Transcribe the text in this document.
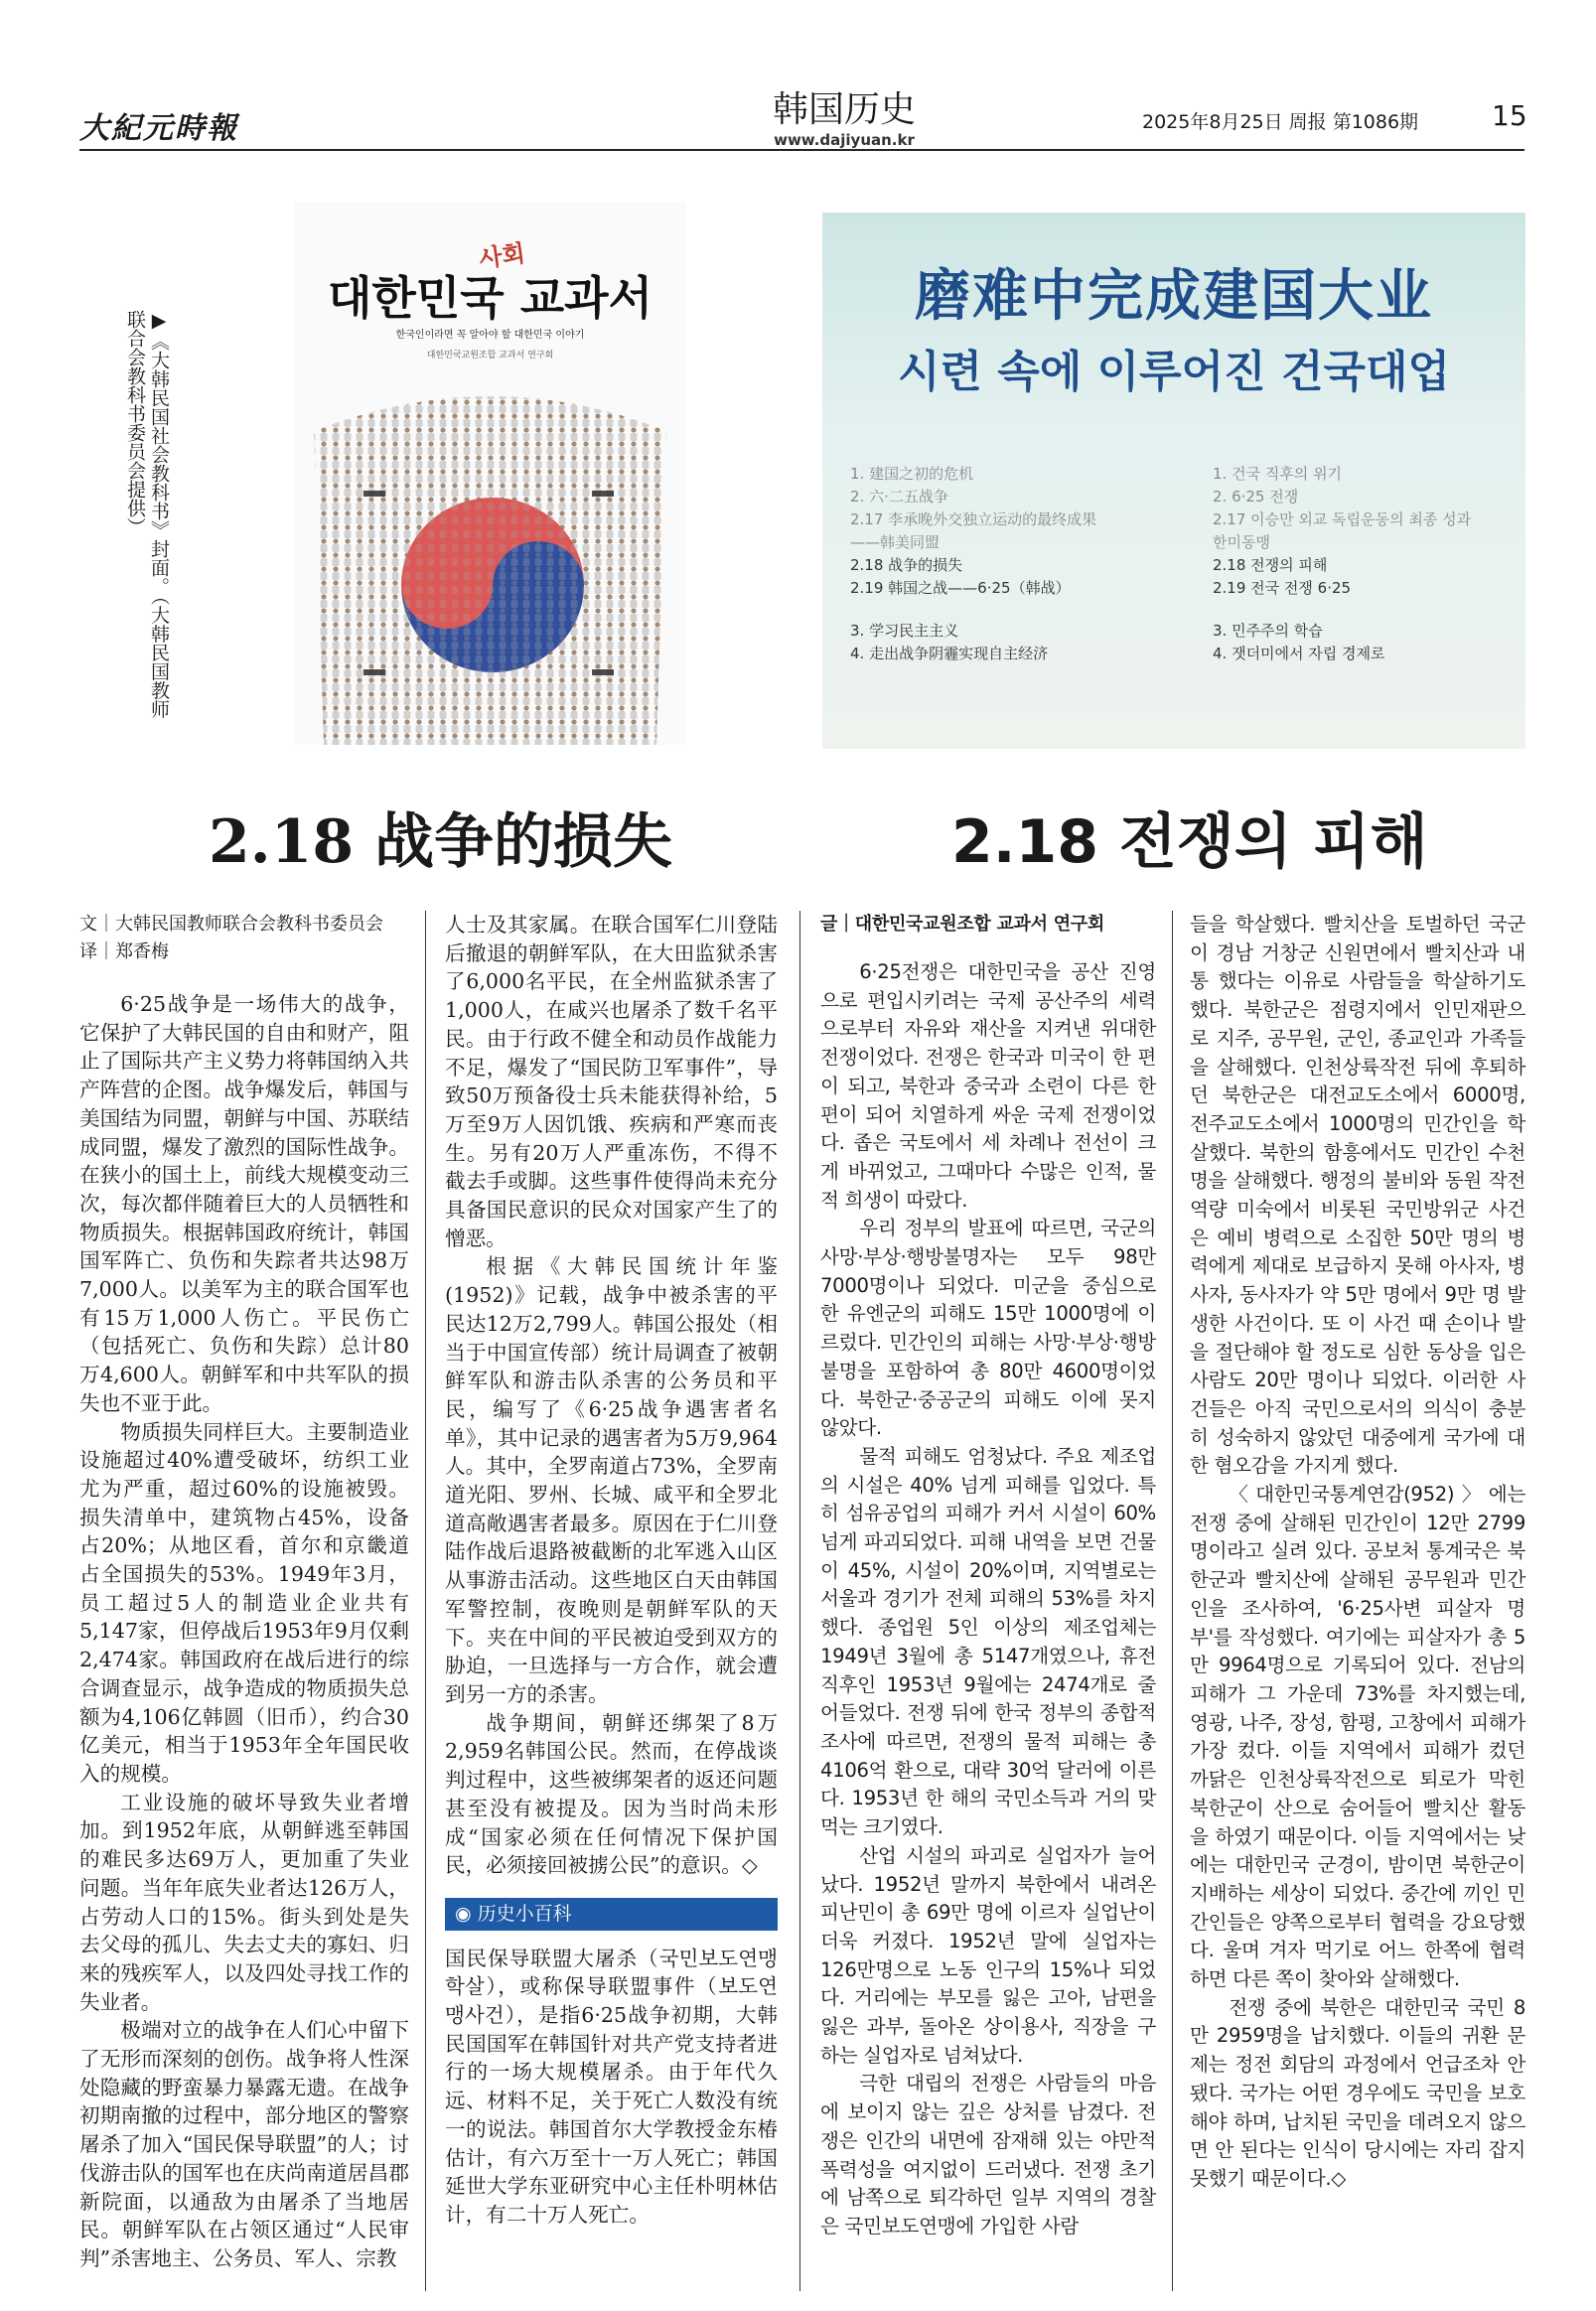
大紀元時報	韩国历史
www.dajiyuan.kr
2025年8月25日 周报 第1086期	15
사회
대한민국 교과서
한국인이라면 꼭 알아야 할 대한민국 이야기
대한민국교원조합 교과서 연구회
▶《大韩民国社会教科书》封面。（大韩民国教师联合会教科书委员会提供）
磨难中完成建国大业
시련 속에 이루어진 건국대업
1. 建国之初的危机
2. 六·二五战争
2.17 李承晚外交独立运动的最终成果
——韩美同盟
2.18 战争的损失
2.19 韩国之战——6·25（韩战）
3. 学习民主主义
4. 走出战争阴霾实现自主经济
1. 건국 직후의 위기
2. 6·25 전쟁
2.17 이승만 외교 독립운동의 최종 성과
한미동맹
2.18 전쟁의 피해
2.19 전국 전쟁 6·25
3. 민주주의 학습
4. 잿더미에서 자립 경제로
2.18 战争的损失	2.18 전쟁의 피해

文｜大韩民国教师联合会教科书委员会

译｜郑香梅

6·25战争是一场伟大的战争，它保护了大韩民国的自由和财产，阻止了国际共产主义势力将韩国纳入共产阵营的企图。战争爆发后，韩国与美国结为同盟，朝鲜与中国、苏联结成同盟，爆发了激烈的国际性战争。在狭小的国土上，前线大规模变动三次，每次都伴随着巨大的人员牺牲和物质损失。根据韩国政府统计，韩国国军阵亡、负伤和失踪者共达98万7,000人。以美军为主的联合国军也有15万1,000人伤亡。平民伤亡（包括死亡、负伤和失踪）总计80万4,600人。朝鲜军和中共军队的损失也不亚于此。

物质损失同样巨大。主要制造业设施超过40%遭受破坏，纺织工业尤为严重，超过60%的设施被毁。损失清单中，建筑物占45%，设备占20%；从地区看，首尔和京畿道占全国损失的53%。1949年3月，员工超过5人的制造业企业共有5,147家，但停战后1953年9月仅剩2,474家。韩国政府在战后进行的综合调查显示，战争造成的物质损失总额为4,106亿韩圆（旧币），约合30亿美元，相当于1953年全年国民收入的规模。

工业设施的破坏导致失业者增加。到1952年底，从朝鲜逃至韩国的难民多达69万人，更加重了失业问题。当年年底失业者达126万人，占劳动人口的15%。街头到处是失去父母的孤儿、失去丈夫的寡妇、归来的残疾军人，以及四处寻找工作的失业者。

极端对立的战争在人们心中留下了无形而深刻的创伤。战争将人性深处隐藏的野蛮暴力暴露无遗。在战争初期南撤的过程中，部分地区的警察屠杀了加入“国民保导联盟”的人；讨伐游击队的国军也在庆尚南道居昌郡新院面，以通敌为由屠杀了当地居民。朝鲜军队在占领区通过“人民审判”杀害地主、公务员、军人、宗教

人士及其家属。在联合国军仁川登陆后撤退的朝鲜军队，在大田监狱杀害了6,000名平民，在全州监狱杀害了1,000人，在咸兴也屠杀了数千名平民。由于行政不健全和动员作战能力不足，爆发了“国民防卫军事件”，导致50万预备役士兵未能获得补给，5万至9万人因饥饿、疾病和严寒而丧生。另有20万人严重冻伤，不得不截去手或脚。这些事件使得尚未充分具备国民意识的民众对国家产生了的憎恶。

根据《大韩民国统计年鉴(1952)》记载，战争中被杀害的平民达12万2,799人。韩国公报处（相当于中国宣传部）统计局调查了被朝鲜军队和游击队杀害的公务员和平民，编写了《6·25战争遇害者名单》，其中记录的遇害者为5万9,964人。其中，全罗南道占73%，全罗南道光阳、罗州、长城、咸平和全罗北道高敞遇害者最多。原因在于仁川登陆作战后退路被截断的北军逃入山区从事游击活动。这些地区白天由韩国军警控制，夜晚则是朝鲜军队的天下。夹在中间的平民被迫受到双方的胁迫，一旦选择与一方合作，就会遭到另一方的杀害。

战争期间，朝鲜还绑架了8万2,959名韩国公民。然而，在停战谈判过程中，这些被绑架者的返还问题甚至没有被提及。因为当时尚未形成“国家必须在任何情况下保护国民，必须接回被掳公民”的意识。◇

◉ 历史小百科

国民保导联盟大屠杀（국민보도연맹학살），或称保导联盟事件（보도연맹사건），是指6·25战争初期，大韩民国国军在韩国针对共产党支持者进行的一场大规模屠杀。由于年代久远、材料不足，关于死亡人数没有统一的说法。韩国首尔大学教授金东椿估计，有六万至十一万人死亡；韩国延世大学东亚研究中心主任朴明林估计，有二十万人死亡。

글｜대한민국교원조합 교과서 연구회

6·25전쟁은 대한민국을 공산 진영으로 편입시키려는 국제 공산주의 세력으로부터 자유와 재산을 지켜낸 위대한 전쟁이었다. 전쟁은 한국과 미국이 한 편이 되고, 북한과 중국과 소련이 다른 한 편이 되어 치열하게 싸운 국제 전쟁이었다. 좁은 국토에서 세 차례나 전선이 크게 바뀌었고, 그때마다 수많은 인적, 물적 희생이 따랐다.

우리 정부의 발표에 따르면, 국군의 사망·부상·행방불명자는 모두 98만 7000명이나 되었다. 미군을 중심으로 한 유엔군의 피해도 15만 1000명에 이르렀다. 민간인의 피해는 사망·부상·행방불명을 포함하여 총 80만 4600명이었다. 북한군·중공군의 피해도 이에 못지 않았다.

물적 피해도 엄청났다. 주요 제조업의 시설은 40% 넘게 피해를 입었다. 특히 섬유공업의 피해가 커서 시설이 60% 넘게 파괴되었다. 피해 내역을 보면 건물이 45%, 시설이 20%이며, 지역별로는 서울과 경기가 전체 피해의 53%를 차지했다. 종업원 5인 이상의 제조업체는 1949년 3월에 총 5147개였으나, 휴전 직후인 1953년 9월에는 2474개로 줄어들었다. 전쟁 뒤에 한국 정부의 종합적 조사에 따르면, 전쟁의 물적 피해는 총 4106억 환으로, 대략 30억 달러에 이른다. 1953년 한 해의 국민소득과 거의 맞먹는 크기였다.

산업 시설의 파괴로 실업자가 늘어났다. 1952년 말까지 북한에서 내려온 피난민이 총 69만 명에 이르자 실업난이 더욱 커졌다. 1952년 말에 실업자는 126만명으로 노동 인구의 15%나 되었다. 거리에는 부모를 잃은 고아, 남편을 잃은 과부, 돌아온 상이용사, 직장을 구하는 실업자로 넘쳐났다.

극한 대립의 전쟁은 사람들의 마음에 보이지 않는 깊은 상처를 남겼다. 전쟁은 인간의 내면에 잠재해 있는 야만적 폭력성을 여지없이 드러냈다. 전쟁 초기에 남쪽으로 퇴각하던 일부 지역의 경찰은 국민보도연맹에 가입한 사람

들을 학살했다. 빨치산을 토벌하던 국군이 경남 거창군 신원면에서 빨치산과 내통 했다는 이유로 사람들을 학살하기도 했다. 북한군은 점령지에서 인민재판으로 지주, 공무원, 군인, 종교인과 가족들을 살해했다. 인천상륙작전 뒤에 후퇴하던 북한군은 대전교도소에서 6000명, 전주교도소에서 1000명의 민간인을 학살했다. 북한의 함흥에서도 민간인 수천 명을 살해했다. 행정의 불비와 동원 작전 역량 미숙에서 비롯된 국민방위군 사건은 예비 병력으로 소집한 50만 명의 병력에게 제대로 보급하지 못해 아사자, 병사자, 동사자가 약 5만 명에서 9만 명 발생한 사건이다. 또 이 사건 때 손이나 발을 절단해야 할 정도로 심한 동상을 입은 사람도 20만 명이나 되었다. 이러한 사건들은 아직 국민으로서의 의식이 충분히 성숙하지 않았던 대중에게 국가에 대한 혐오감을 가지게 했다.

〈대한민국통계연감(952)〉에는 전쟁 중에 살해된 민간인이 12만 2799명이라고 실려 있다. 공보처 통계국은 북한군과 빨치산에 살해된 공무원과 민간인을 조사하여, '6·25사변 피살자 명부'를 작성했다. 여기에는 피살자가 총 5만 9964명으로 기록되어 있다. 전남의 피해가 그 가운데 73%를 차지했는데, 영광, 나주, 장성, 함평, 고창에서 피해가 가장 컸다. 이들 지역에서 피해가 컸던 까닭은 인천상륙작전으로 퇴로가 막힌 북한군이 산으로 숨어들어 빨치산 활동을 하였기 때문이다. 이들 지역에서는 낮에는 대한민국 군경이, 밤이면 북한군이 지배하는 세상이 되었다. 중간에 끼인 민간인들은 양쪽으로부터 협력을 강요당했다. 울며 겨자 먹기로 어느 한쪽에 협력하면 다른 쪽이 찾아와 살해했다.

전쟁 중에 북한은 대한민국 국민 8만 2959명을 납치했다. 이들의 귀환 문제는 정전 회담의 과정에서 언급조차 안 됐다. 국가는 어떤 경우에도 국민을 보호해야 하며, 납치된 국민을 데려오지 않으면 안 된다는 인식이 당시에는 자리 잡지 못했기 때문이다.◇
